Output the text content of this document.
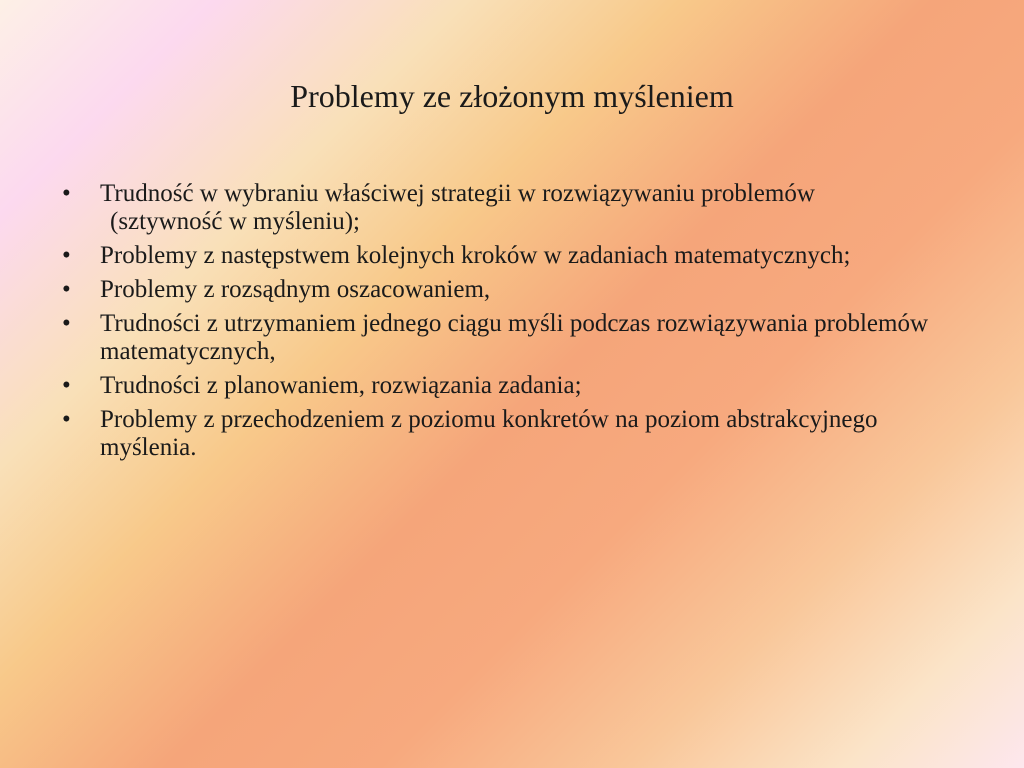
Problemy ze złożonym myśleniem
• Trudność w wybraniu właściwej strategii w rozwiązywaniu problemów
(sztywność w myśleniu);
• Problemy z następstwem kolejnych kroków w zadaniach matematycznych;
• Problemy z rozsądnym oszacowaniem,
• Trudności z utrzymaniem jednego ciągu myśli podczas rozwiązywania problemów matematycznych,
• Trudności z planowaniem, rozwiązania zadania;
• Problemy z przechodzeniem z poziomu konkretów na poziom abstrakcyjnego myślenia.
